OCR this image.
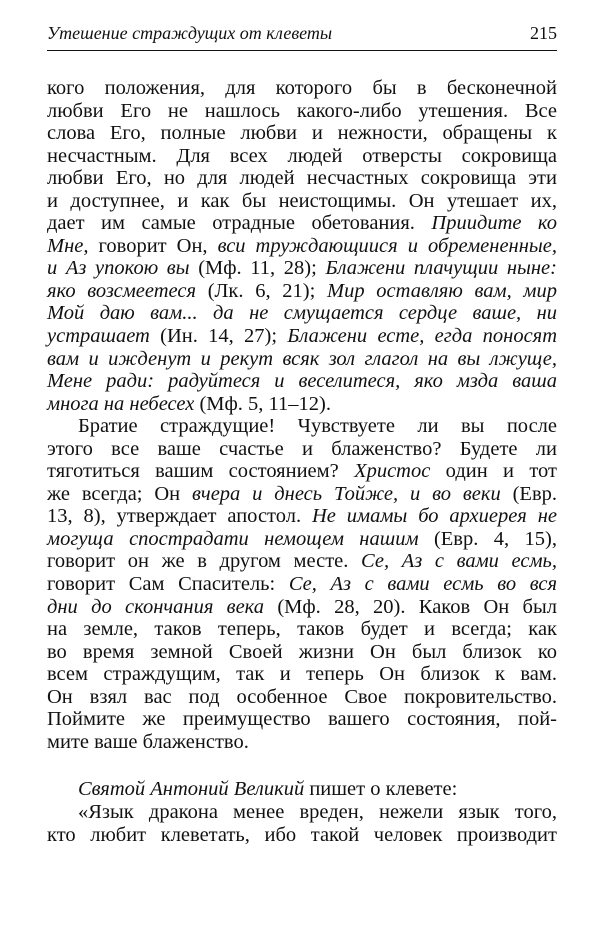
Утешение страждущих от клеветы	215
кого положения, для которого бы в бесконечной
любви Его не нашлось какого-либо утешения. Все
слова Его, полные любви и нежности, обращены к
несчастным. Для всех людей отверсты сокровища
любви Его, но для людей несчастных сокровища эти
и доступнее, и как бы неистощимы. Он утешает их,
дает им самые отрадные обетования. Приидите ко
Мне, говорит Он, вси труждающиися и обремененные,
и Аз упокою вы (Мф. 11, 28); Блажени плачущии ныне:
яко возсмеетеся (Лк. 6, 21); Мир оставляю вам, мир
Мой даю вам... да не смущается сердце ваше, ни
устрашает (Ин. 14, 27); Блажени есте, егда поносят
вам и ижденут и рекут всяк зол глагол на вы лжуще,
Мене ради: радуйтеся и веселитеся, яко мзда ваша
многа на небесех (Мф. 5, 11–12).
Братие страждущие! Чувствуете ли вы после
этого все ваше счастье и блаженство? Будете ли
тяготиться вашим состоянием? Христос один и тот
же всегда; Он вчера и днесь Тойже, и во веки (Евр.
13, 8), утверждает апостол. Не имамы бо архиерея не
могуща спострадати немощем нашим (Евр. 4, 15),
говорит он же в другом месте. Се, Аз с вами есмь,
говорит Сам Спаситель: Се, Аз с вами есмь во вся
дни до скончания века (Мф. 28, 20). Каков Он был
на земле, таков теперь, таков будет и всегда; как
во время земной Своей жизни Он был близок ко
всем страждущим, так и теперь Он близок к вам.
Он взял вас под особенное Свое покровительство.
Поймите же преимущество вашего состояния, пой-
мите ваше блаженство.
Святой Антоний Великий пишет о клевете:
«Язык дракона менее вреден, нежели язык того,
кто любит клеветать, ибо такой человек производит
